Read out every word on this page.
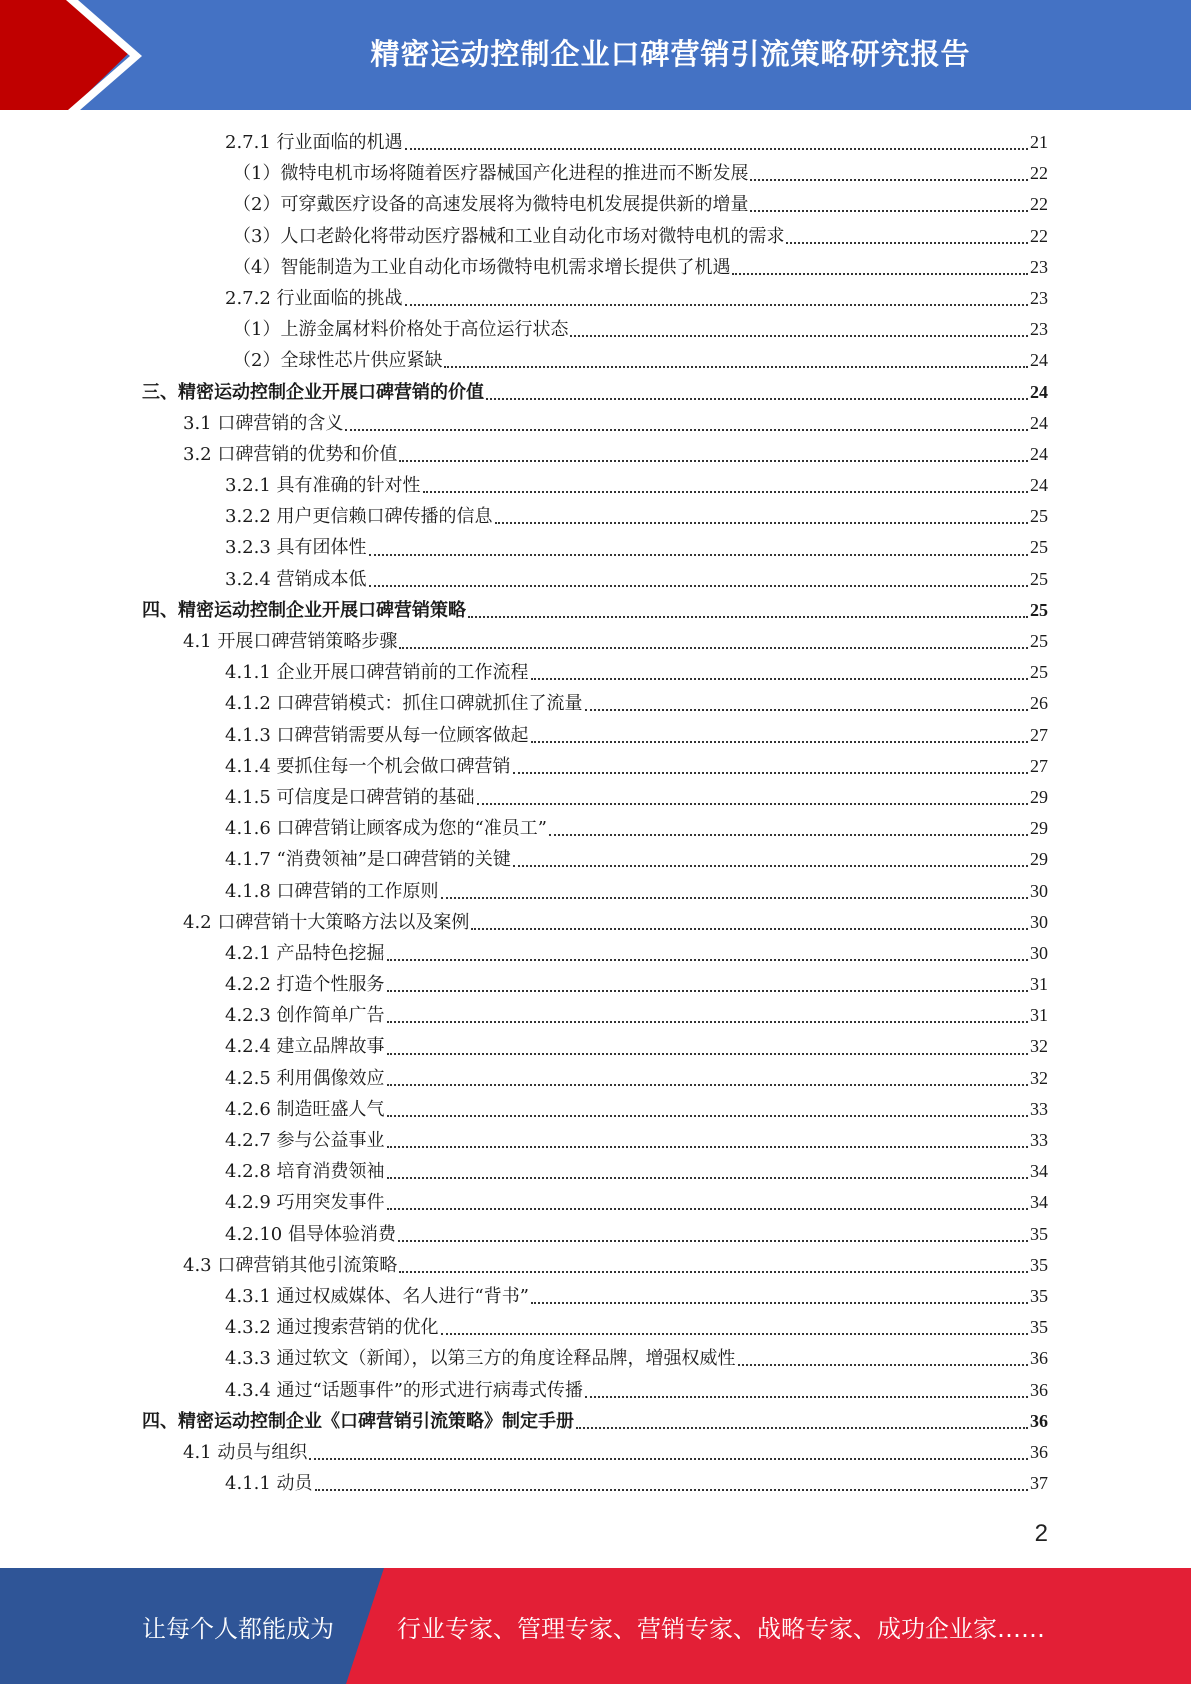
精密运动控制企业口碑营销引流策略研究报告
2.7.1 行业面临的机遇	21
（1）微特电机市场将随着医疗器械国产化进程的推进而不断发展	22
（2）可穿戴医疗设备的高速发展将为微特电机发展提供新的增量	22
（3）人口老龄化将带动医疗器械和工业自动化市场对微特电机的需求	22
（4）智能制造为工业自动化市场微特电机需求增长提供了机遇	23
2.7.2 行业面临的挑战	23
（1）上游金属材料价格处于高位运行状态	23
（2）全球性芯片供应紧缺	24
三、精密运动控制企业开展口碑营销的价值	24
3.1 口碑营销的含义	24
3.2 口碑营销的优势和价值	24
3.2.1 具有准确的针对性	24
3.2.2 用户更信赖口碑传播的信息	25
3.2.3 具有团体性	25
3.2.4 营销成本低	25
四、精密运动控制企业开展口碑营销策略	25
4.1 开展口碑营销策略步骤	25
4.1.1 企业开展口碑营销前的工作流程	25
4.1.2 口碑营销模式：抓住口碑就抓住了流量	26
4.1.3 口碑营销需要从每一位顾客做起	27
4.1.4 要抓住每一个机会做口碑营销	27
4.1.5 可信度是口碑营销的基础	29
4.1.6 口碑营销让顾客成为您的“准员工”	29
4.1.7 “消费领袖”是口碑营销的关键	29
4.1.8 口碑营销的工作原则	30
4.2 口碑营销十大策略方法以及案例	30
4.2.1 产品特色挖掘	30
4.2.2 打造个性服务	31
4.2.3 创作简单广告	31
4.2.4 建立品牌故事	32
4.2.5 利用偶像效应	32
4.2.6 制造旺盛人气	33
4.2.7 参与公益事业	33
4.2.8 培育消费领袖	34
4.2.9 巧用突发事件	34
4.2.10 倡导体验消费	35
4.3 口碑营销其他引流策略	35
4.3.1 通过权威媒体、名人进行“背书”	35
4.3.2 通过搜索营销的优化	35
4.3.3 通过软文（新闻），以第三方的角度诠释品牌，增强权威性	36
4.3.4 通过“话题事件”的形式进行病毒式传播	36
四、精密运动控制企业《口碑营销引流策略》制定手册	36
4.1 动员与组织	36
4.1.1 动员	37
2
让每个人都能成为	行业专家、管理专家、营销专家、战略专家、成功企业家……
